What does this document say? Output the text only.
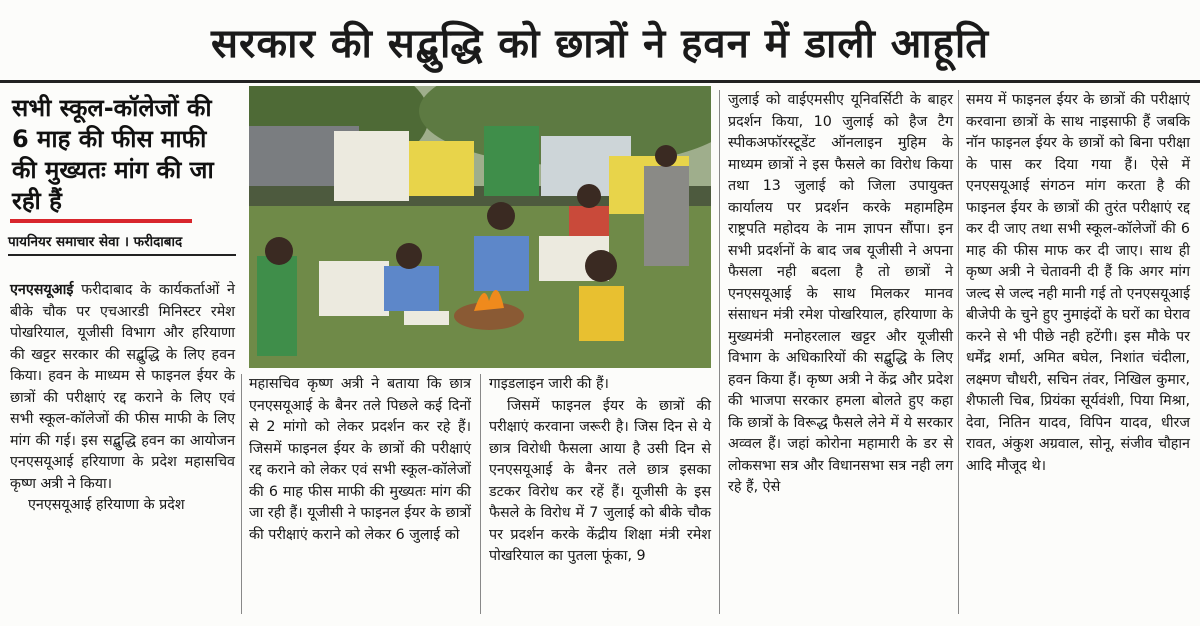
सरकार की सद्बुद्धि को छात्रों ने हवन में डाली आहूति
सभी स्कूल-कॉलेजों की 6 माह की फीस माफी की मुख्यतः मांग की जा रही हैं
पायनियर समाचार सेवा । फरीदाबाद

एनएसयूआई फरीदाबाद के कार्यकर्ताओं ने बीके चौक पर एचआरडी मिनिस्टर रमेश पोखरियाल, यूजीसी विभाग और हरियाणा की खट्टर सरकार की सद्बुद्धि के लिए हवन किया। हवन के माध्यम से फाइनल ईयर के छात्रों की परीक्षाएं रद्द कराने के लिए एवं सभी स्कूल-कॉलेजों की फीस माफी के लिए मांग की गई। इस सद्बुद्धि हवन का आयोजन एनएसयूआई हरियाणा के प्रदेश महासचिव कृष्ण अत्री ने किया।

एनएसयूआई हरियाणा के प्रदेश

महासचिव कृष्ण अत्री ने बताया कि छात्र एनएसयूआई के बैनर तले पिछले कई दिनों से 2 मांगो को लेकर प्रदर्शन कर रहे हैं। जिसमें फाइनल ईयर के छात्रों की परीक्षाएं रद्द कराने को लेकर एवं सभी स्कूल-कॉलेजों की 6 माह फीस माफी की मुख्यतः मांग की जा रही हैं। यूजीसी ने फाइनल ईयर के छात्रों की परीक्षाएं कराने को लेकर 6 जुलाई को

गाइडलाइन जारी की हैं।

जिसमें फाइनल ईयर के छात्रों की परीक्षाएं करवाना जरूरी है। जिस दिन से ये छात्र विरोधी फैसला आया है उसी दिन से एनएसयूआई के बैनर तले छात्र इसका डटकर विरोध कर रहें हैं। यूजीसी के इस फैसले के विरोध में 7 जुलाई को बीके चौक पर प्रदर्शन करके केंद्रीय शिक्षा मंत्री रमेश पोखरियाल का पुतला फूंका, 9

जुलाई को वाईएमसीए यूनिवर्सिटी के बाहर प्रदर्शन किया, 10 जुलाई को हैज टैग स्पीकअफॉरस्टूडेंट ऑनलाइन मुहिम के माध्यम छात्रों ने इस फैसले का विरोध किया तथा 13 जुलाई को जिला उपायुक्त कार्यालय पर प्रदर्शन करके महामहिम राष्ट्रपति महोदय के नाम ज्ञापन सौंपा। इन सभी प्रदर्शनों के बाद जब यूजीसी ने अपना फैसला नही बदला है तो छात्रों ने एनएसयूआई के साथ मिलकर मानव संसाधन मंत्री रमेश पोखरियाल, हरियाणा के मुख्यमंत्री मनोहरलाल खट्टर और यूजीसी विभाग के अधिकारियों की सद्बुद्धि के लिए हवन किया हैं। कृष्ण अत्री ने केंद्र और प्रदेश की भाजपा सरकार हमला बोलते हुए कहा कि छात्रों के विरूद्ध फैसले लेने में ये सरकार अव्वल हैं। जहां कोरोना महामारी के डर से लोकसभा सत्र और विधानसभा सत्र नही लग रहे हैं, ऐसे

समय में फाइनल ईयर के छात्रों की परीक्षाएं करवाना छात्रों के साथ नाइसाफी हैं जबकि नॉन फाइनल ईयर के छात्रों को बिना परीक्षा के पास कर दिया गया हैं। ऐसे में एनएसयूआई संगठन मांग करता है की फाइनल ईयर के छात्रों की तुरंत परीक्षाएं रद्द कर दी जाए तथा सभी स्कूल-कॉलेजों की 6 माह की फीस माफ कर दी जाए। साथ ही कृष्ण अत्री ने चेतावनी दी हैं कि अगर मांग जल्द से जल्द नही मानी गई तो एनएसयूआई बीजेपी के चुने हुए नुमाइंदों के घरों का घेराव करने से भी पीछे नही हटेंगी। इस मौके पर धर्मेंद्र शर्मा, अमित बघेल, निशांत चंदीला, लक्ष्मण चौधरी, सचिन तंवर, निखिल कुमार, शैफाली चिब, प्रियंका सूर्यवंशी, पिया मिश्रा, देवा, नितिन यादव, विपिन यादव, धीरज रावत, अंकुश अग्रवाल, सोनू, संजीव चौहान आदि मौजूद थे।
